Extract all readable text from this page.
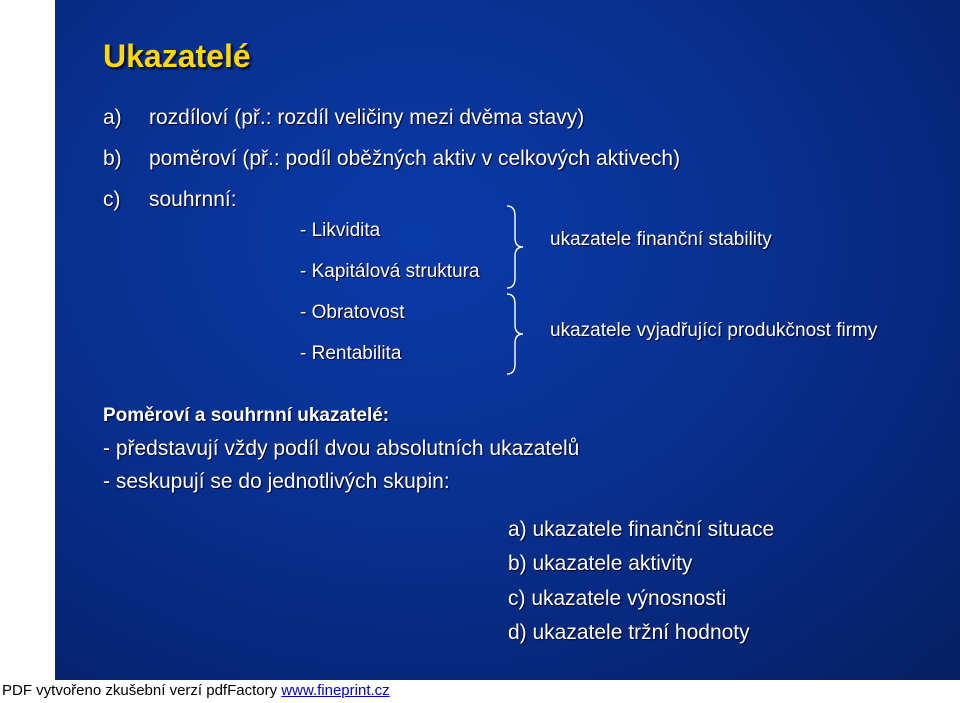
Ukazatelé
a) rozdíloví (př.: rozdíl veličiny mezi dvěma stavy)
b) poměroví (př.: podíl oběžných aktiv v celkových aktivech)
c) souhrnní:
- Likvidita
- Kapitálová struktura
- Obratovost
- Rentabilita
ukazatele finanční stability
ukazatele vyjadřující produkčnost firmy
Poměroví a souhrnní ukazatelé:
- představují vždy podíl dvou absolutních ukazatelů
- seskupují se do jednotlivých skupin:
a) ukazatele finanční situace
b) ukazatele aktivity
c) ukazatele výnosnosti
d) ukazatele tržní hodnoty
PDF vytvořeno zkušební verzí pdfFactory www.fineprint.cz
